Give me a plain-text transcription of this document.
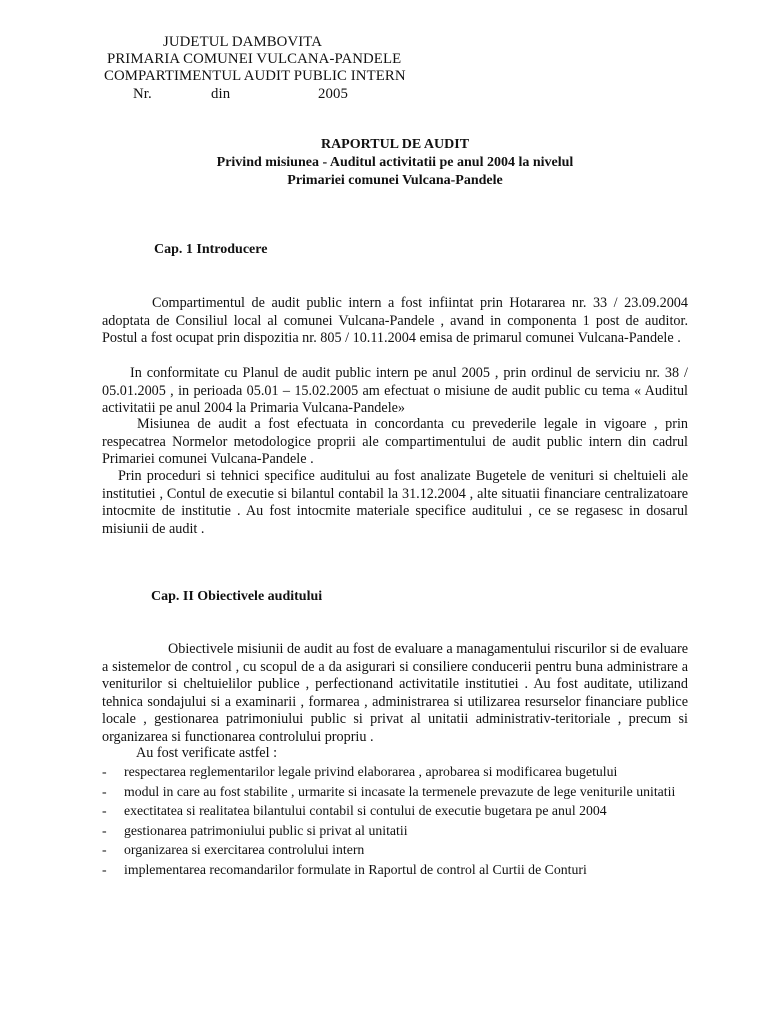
JUDETUL DAMBOVITA
PRIMARIA COMUNEI VULCANA-PANDELE
COMPARTIMENTUL AUDIT PUBLIC INTERN
Nr.	din	2005
RAPORTUL DE AUDIT
Privind misiunea - Auditul activitatii pe anul 2004 la nivelul
Primariei comunei Vulcana-Pandele
Cap. 1 Introducere
Compartimentul de audit public intern a fost infiintat prin Hotararea nr. 33 / 23.09.2004 adoptata de Consiliul local al comunei Vulcana-Pandele , avand in componenta 1 post de auditor. Postul a fost ocupat prin dispozitia nr. 805 / 10.11.2004 emisa de primarul comunei Vulcana-Pandele .
In conformitate cu Planul de audit public intern pe anul 2005 , prin ordinul de serviciu nr. 38 / 05.01.2005 , in perioada 05.01 – 15.02.2005 am efectuat o misiune de audit public cu tema « Auditul activitatii pe anul 2004 la Primaria Vulcana-Pandele»
Misiunea de audit a fost efectuata in concordanta cu prevederile legale in vigoare , prin respecatrea Normelor metodologice proprii ale compartimentului de audit public intern din cadrul Primariei comunei Vulcana-Pandele .
Prin proceduri si tehnici specifice auditului au fost analizate Bugetele de venituri si cheltuieli ale institutiei , Contul de executie si bilantul contabil la 31.12.2004 , alte situatii financiare centralizatoare intocmite de institutie . Au fost intocmite materiale specifice auditului , ce se regasesc in dosarul misiunii de audit .
Cap. II Obiectivele auditului
Obiectivele misiunii de audit au fost de evaluare a managamentului riscurilor si de evaluare a sistemelor de control , cu scopul de a da asigurari si consiliere conducerii pentru buna administrare a veniturilor si cheltuielilor publice , perfectionand activitatile institutiei . Au fost auditate, utilizand tehnica sondajului si a examinarii , formarea , administrarea si utilizarea resurselor financiare publice locale , gestionarea patrimoniului public si privat al unitatii administrativ-teritoriale , precum si organizarea si functionarea controlului propriu .
Au fost verificate astfel :
- respectarea reglementarilor legale privind elaborarea , aprobarea si modificarea bugetului
- modul in care au fost stabilite , urmarite si incasate la termenele prevazute de lege veniturile unitatii
- exectitatea si realitatea bilantului contabil si contului de executie bugetara pe anul 2004
- gestionarea patrimoniului public si privat al unitatii
- organizarea si exercitarea controlului intern
- implementarea recomandarilor formulate in Raportul de control al Curtii de Conturi
